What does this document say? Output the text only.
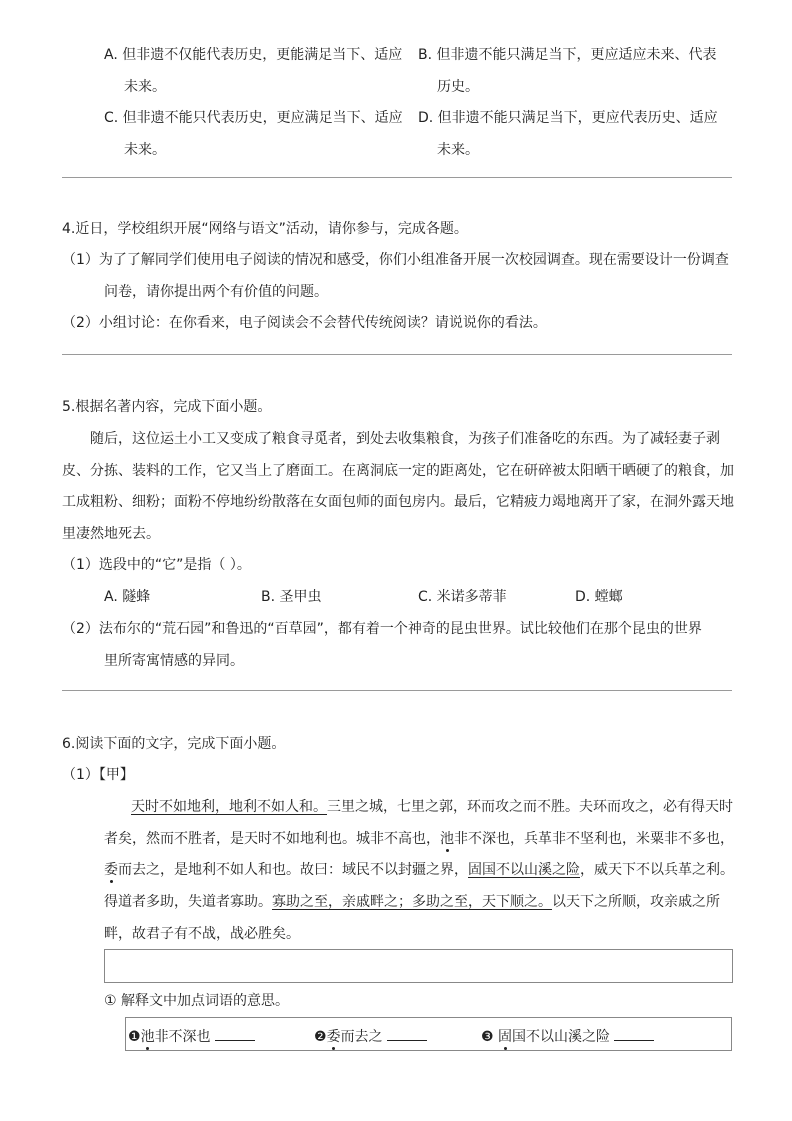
A. 但非遗不仅能代表历史，更能满足当下、适应
未来。
B. 但非遗不能只满足当下，更应适应未来、代表
历史。
C. 但非遗不能只代表历史，更应满足当下、适应
未来。
D. 但非遗不能只满足当下，更应代表历史、适应
未来。
4.近日，学校组织开展“网络与语文”活动，请你参与，完成各题。
（1）为了了解同学们使用电子阅读的情况和感受，你们小组准备开展一次校园调查。现在需要设计一份调查
问卷，请你提出两个有价值的问题。
（2）小组讨论：在你看来，电子阅读会不会替代传统阅读？请说说你的看法。
5.根据名著内容，完成下面小题。
随后，这位运土小工又变成了粮食寻觅者，到处去收集粮食，为孩子们准备吃的东西。为了减轻妻子剥
皮、分拣、装料的工作，它又当上了磨面工。在离洞底一定的距离处，它在研碎被太阳晒干晒硬了的粮食，加
工成粗粉、细粉；面粉不停地纷纷散落在女面包师的面包房内。最后，它精疲力竭地离开了家，在洞外露天地
里凄然地死去。
（1）选段中的“它”是指（ ）。
A. 隧蜂	B. 圣甲虫	C. 米诺多蒂菲	D. 螳螂
（2）法布尔的“荒石园”和鲁迅的“百草园”，都有着一个神奇的昆虫世界。试比较他们在那个昆虫的世界
里所寄寓情感的异同。
6.阅读下面的文字，完成下面小题。
（1）【甲】
天时不如地利，地利不如人和。三里之城，七里之郭，环而攻之而不胜。夫环而攻之，必有得天时
者矣，然而不胜者，是天时不如地利也。城非不高也，池非不深也，兵革非不坚利也，米粟非不多也，
委而去之，是地利不如人和也。故曰：域民不以封疆之界，固国不以山溪之险，威天下不以兵革之利。
得道者多助，失道者寡助。寡助之至，亲戚畔之；多助之至，天下顺之。以天下之所顺，攻亲戚之所
畔，故君子有不战，战必胜矣。
① 解释文中加点词语的意思。
❶池非不深也	❷委而去之	❸ 固国不以山溪之险
